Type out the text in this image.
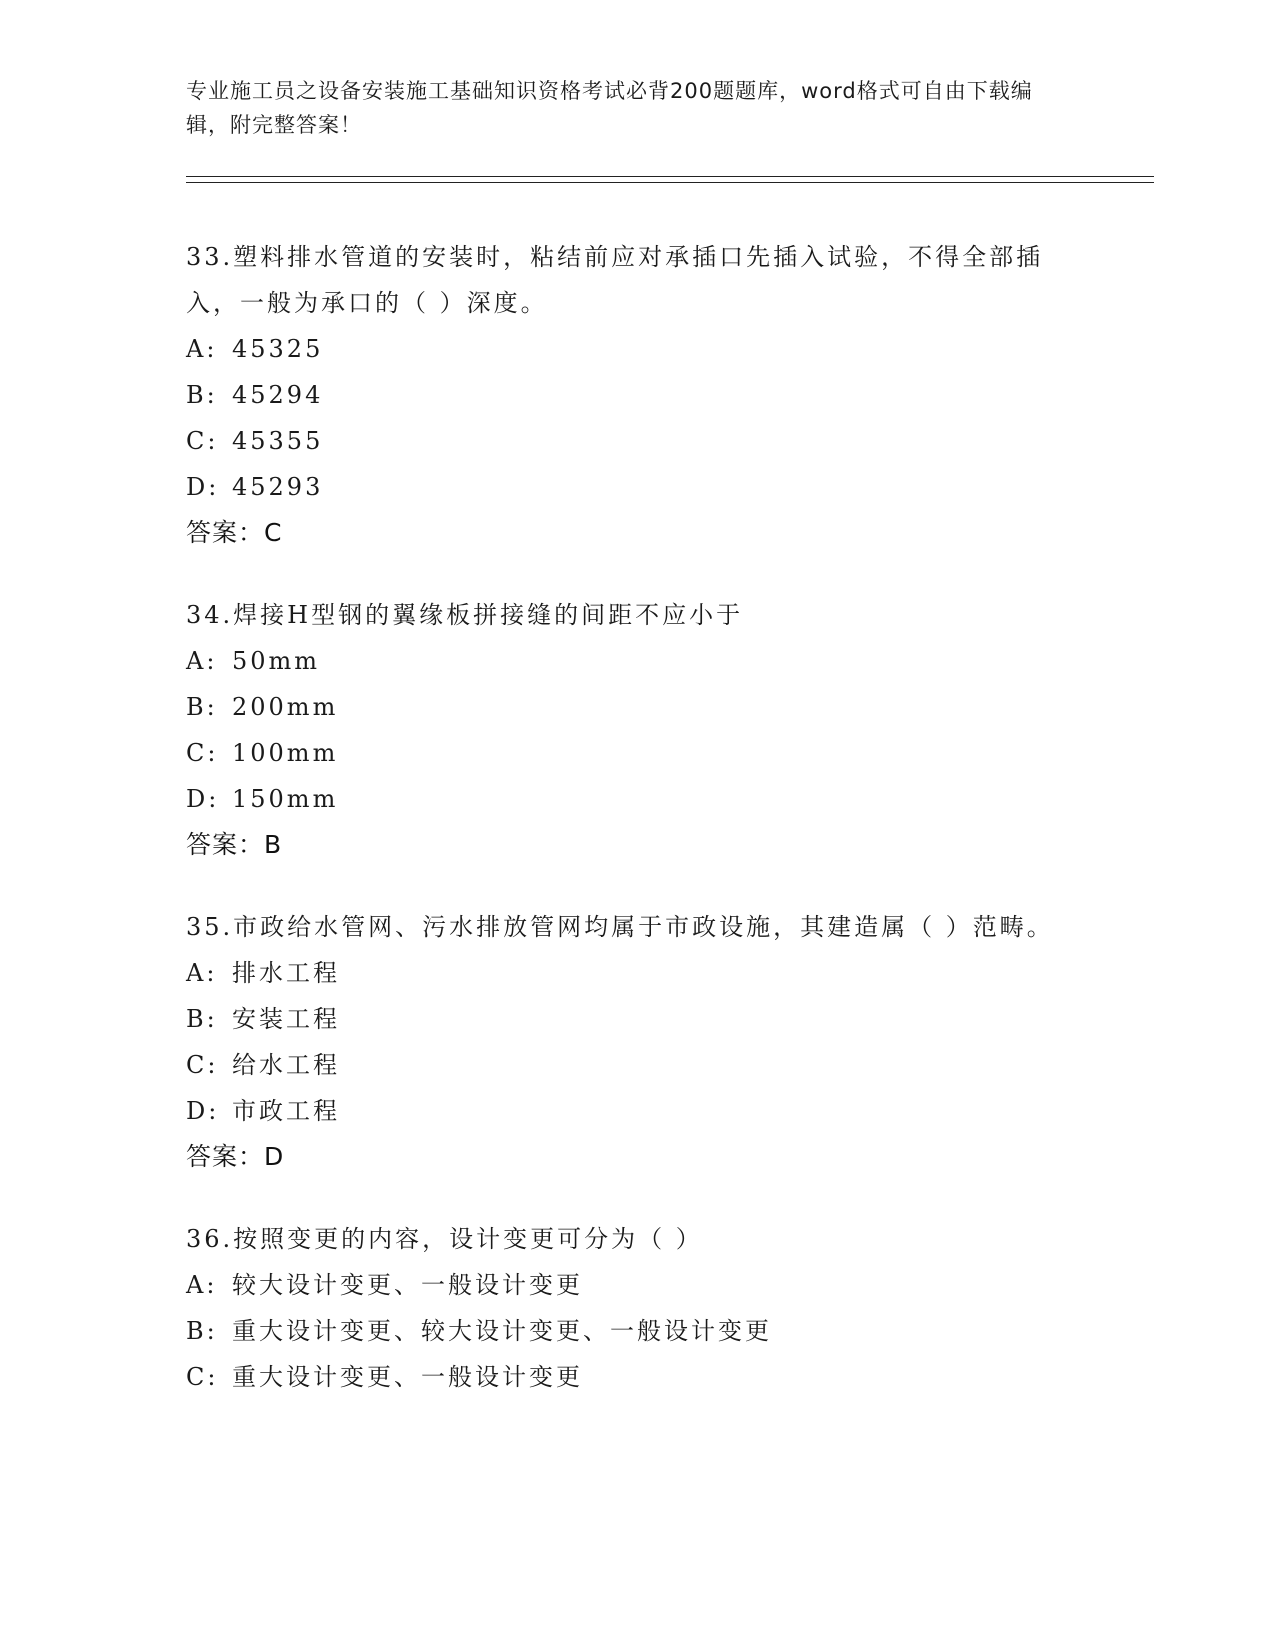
专业施工员之设备安装施工基础知识资格考试必背200题题库，word格式可自由下载编辑，附完整答案！

33.塑料排水管道的安装时，粘结前应对承插口先插入试验，不得全部插入，一般为承口的（ ）深度。

A: 45325

B: 45294

C: 45355

D: 45293

答案：C

34.焊接H型钢的翼缘板拼接缝的间距不应小于

A: 50mm

B: 200mm

C: 100mm

D: 150mm

答案：B

35.市政给水管网、污水排放管网均属于市政设施，其建造属（ ）范畴。

A: 排水工程

B: 安装工程

C: 给水工程

D: 市政工程

答案：D

36.按照变更的内容，设计变更可分为（ ）

A: 较大设计变更、一般设计变更

B: 重大设计变更、较大设计变更、一般设计变更

C: 重大设计变更、一般设计变更
